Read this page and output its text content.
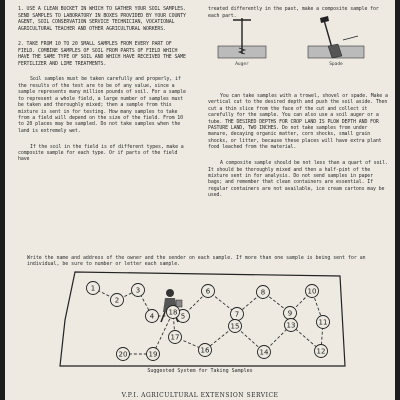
1. USE A CLEAN BUCKET IN WHICH TO GATHER YOUR SOIL SAMPLES. SEND SAMPLES TO LABORATORY IN BOXES PROVIDED BY YOUR COUNTY AGENT, SOIL CONSERVATION SERVICE TECHNICIAN, VOCATIONAL AGRICULTURAL TEACHER AND OTHER AGRICULTURAL WORKERS.

2. TAKE FROM 10 TO 20 SMALL SAMPLES FROM EVERY PART OF FIELD. COMBINE SAMPLES OF SOIL FROM PARTS OF FIELD WHICH HAVE THE SAME TYPE OF SOIL AND WHICH HAVE RECEIVED THE SAME FERTILIZER AND LIME TREATMENTS.

Soil samples must be taken carefully and properly, if the results of the test are to be of any value, since a sample represents many million pounds of soil. For a sample to represent a whole field, a large number of samples must be taken and thoroughly mixed; then a sample from this mixture is sent in for testing. How many samples to take from a field will depend on the size of the field. From 10 to 20 places may be sampled. Do not take samples when the land is extremely wet.

If the soil in the field is of different types, make a composite sample for each type. Or if parts of the field have

treated differently in the past, make a composite sample for each part.

You can take samples with a trowel, shovel or spade. Make a vertical cut to the desired depth and push the soil aside. Then cut a thin slice from the face of the cut and collect it carefully for the sample. You can also use a soil auger or a tube. THE DESIRED DEPTHS FOR CROP LAND IS PLOW DEPTH AND FOR PASTURE LAND, TWO INCHES. Do not take samples from under manure, decaying organic matter, corn shocks, small grain shocks, or litter, because these places will have extra plant food leached from the material.

A composite sample should be not less than a quart of soil. It should be thoroughly mixed and then a half-pint of the mixture sent in for analysis. Do not send samples in paper bags; and remember that clean containers are essential. If regular containers are not available, ice cream cartons may be used.

Auger	Spade
Write the name and address of the owner and the sender on each sample. If more than one sample is being sent for an individual, be sure to number or letter each sample.
1
2
3
4	5
6
7
8
9
10
11
12
13
14
15
16
17
18
19
20
Suggested System for Taking Samples
V.P.I. AGRICULTURAL EXTENSION SERVICE
